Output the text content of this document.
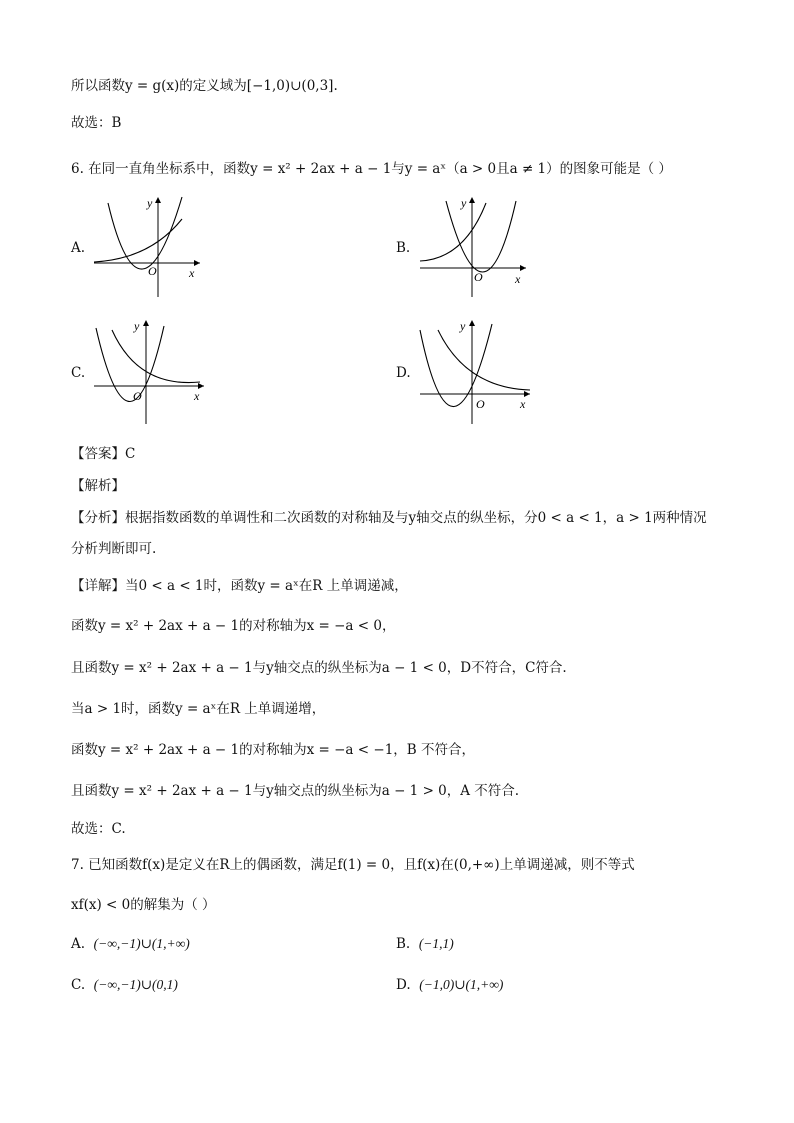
所以函数y = g(x)的定义域为[−1,0)∪(0,3].
故选：B
6. 在同一直角坐标系中，函数y = x² + 2ax + a − 1与y = aˣ（a > 0且a ≠ 1）的图象可能是（ ）
A.
O	x
y
B.
O	x
y
C.
O	x
y
D.
O	x
y
【答案】C
【解析】
【分析】根据指数函数的单调性和二次函数的对称轴及与y轴交点的纵坐标，分0 < a < 1，a > 1两种情况
分析判断即可.
【详解】当0 < a < 1时，函数y = aˣ在R 上单调递减，
函数y = x² + 2ax + a − 1的对称轴为x = −a < 0，
且函数y = x² + 2ax + a − 1与y轴交点的纵坐标为a − 1 < 0，D不符合，C符合.
当a > 1时，函数y = aˣ在R 上单调递增，
函数y = x² + 2ax + a − 1的对称轴为x = −a < −1，B 不符合，
且函数y = x² + 2ax + a − 1与y轴交点的纵坐标为a − 1 > 0，A 不符合.
故选：C.
7. 已知函数f(x)是定义在R上的偶函数，满足f(1) = 0，且f(x)在(0,+∞)上单调递减，则不等式
xf(x) < 0的解集为（ ）
A. (−∞,−1)∪(1,+∞)	B. (−1,1)
C. (−∞,−1)∪(0,1)	D. (−1,0)∪(1,+∞)
